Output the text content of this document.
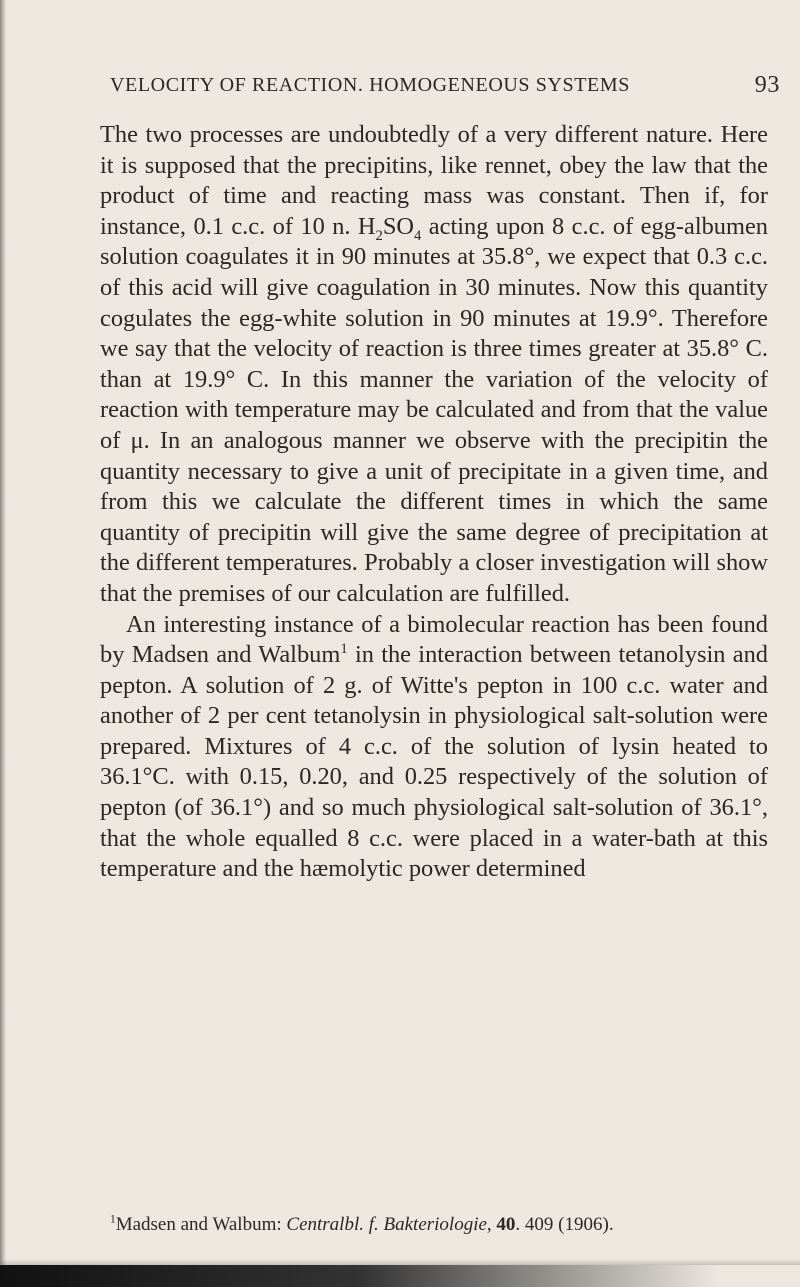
VELOCITY OF REACTION. HOMOGENEOUS SYSTEMS	93

The two processes are undoubtedly of a very different nature. Here it is supposed that the precipitins, like rennet, obey the law that the product of time and reacting mass was constant. Then if, for instance, 0.1 c.c. of 10 n. $H_2SO_4$ acting upon 8 c.c. of egg-albumen solution coagulates it in 90 minutes at 35.8°, we expect that 0.3 c.c. of this acid will give coagulation in 30 minutes. Now this quantity cogulates the egg-white solution in 90 minutes at 19.9°. Therefore we say that the velocity of reaction is three times greater at 35.8° C. than at 19.9° C. In this manner the variation of the velocity of reaction with temperature may be calculated and from that the value of μ. In an analogous manner we observe with the precipitin the quantity necessary to give a unit of precipitate in a given time, and from this we calculate the different times in which the same quantity of precipitin will give the same degree of precipitation at the different temperatures. Probably a closer investigation will show that the premises of our calculation are fulfilled.

An interesting instance of a bimolecular reaction has been found by Madsen and Walbum$^1$ in the interaction between tetanolysin and pepton. A solution of 2 g. of Witte's pepton in 100 c.c. water and another of 2 per cent tetanolysin in physiological salt-solution were prepared. Mixtures of 4 c.c. of the solution of lysin heated to 36.1°C. with 0.15, 0.20, and 0.25 respectively of the solution of pepton (of 36.1°) and so much physiological salt-solution of 36.1°, that the whole equalled 8 c.c. were placed in a water-bath at this temperature and the hæmolytic power determined

$^1$Madsen and Walbum: Centralbl. f. Bakteriologie, 40. 409 (1906).
